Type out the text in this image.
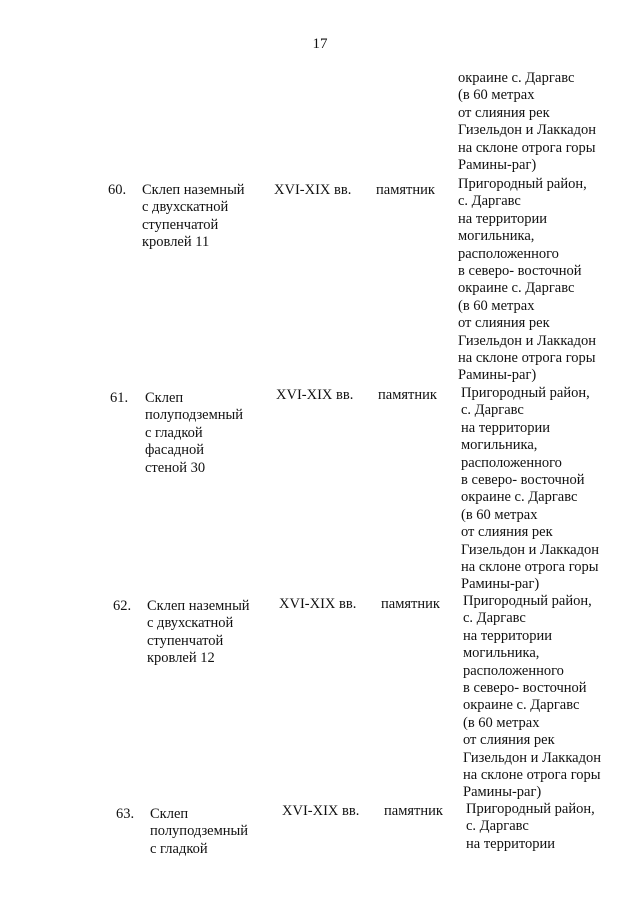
17
окраине с. Даргавс
(в 60 метрах
от слияния рек
Гизельдон и Лаккадон
на склоне отрога горы
Рамины-раг)
60. Склеп наземный
с двухскатной
ступенчатой
кровлей 11
XVI-XIX вв. памятник Пригородный район,
с. Даргавс
на территории
могильника,
расположенного
в северо- восточной
окраине с. Даргавс
(в 60 метрах
от слияния рек
Гизельдон и Лаккадон
на склоне отрога горы
Рамины-раг)
61. Склеп
полуподземный
с гладкой
фасадной
стеной 30
XVI-XIX вв. памятник Пригородный район,
с. Даргавс
на территории
могильника,
расположенного
в северо- восточной
окраине с. Даргавс
(в 60 метрах
от слияния рек
Гизельдон и Лаккадон
на склоне отрога горы
Рамины-раг)
62. Склеп наземный
с двухскатной
ступенчатой
кровлей 12
XVI-XIX вв. памятник Пригородный район,
с. Даргавс
на территории
могильника,
расположенного
в северо- восточной
окраине с. Даргавс
(в 60 метрах
от слияния рек
Гизельдон и Лаккадон
на склоне отрога горы
Рамины-раг)
63. Склеп
полуподземный
с гладкой
XVI-XIX вв. памятник Пригородный район,
с. Даргавс
на территории
